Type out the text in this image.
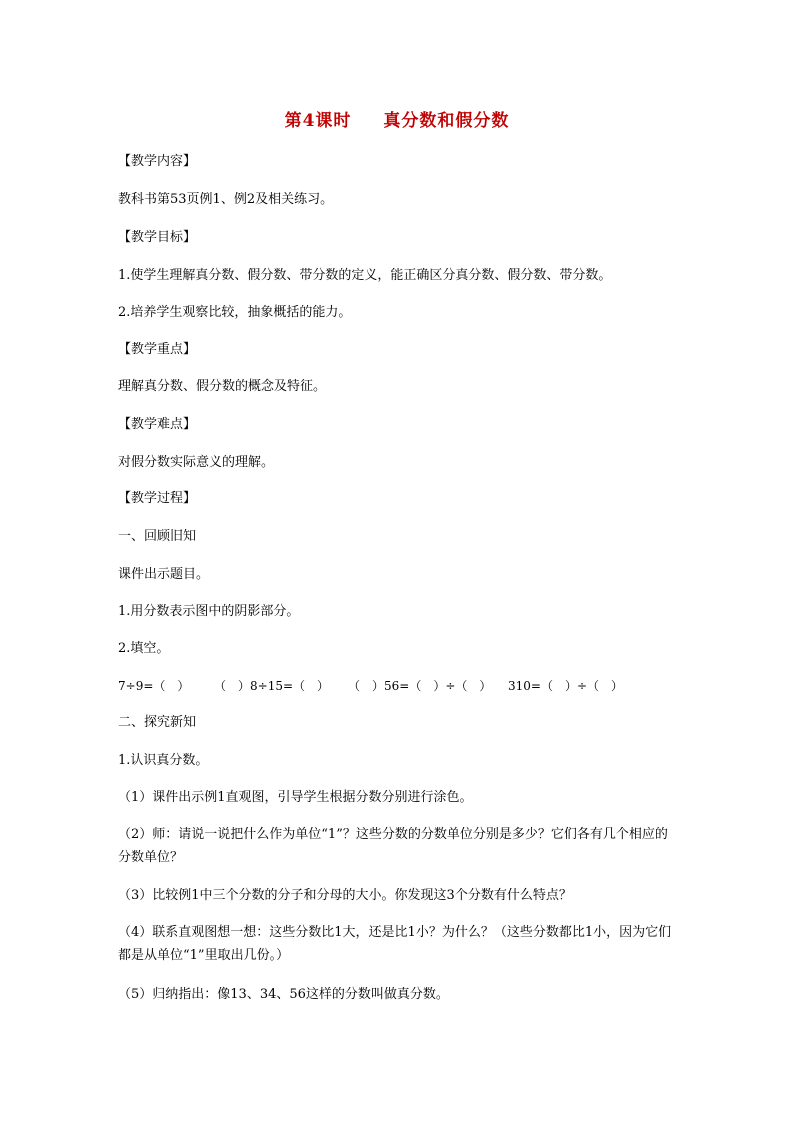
第4课时 真分数和假分数
【教学内容】
教科书第53页例1、例2及相关练习。
【教学目标】
1.使学生理解真分数、假分数、带分数的定义，能正确区分真分数、假分数、带分数。
2.培养学生观察比较，抽象概括的能力。
【教学重点】
理解真分数、假分数的概念及特征。
【教学难点】
对假分数实际意义的理解。
【教学过程】
一、回顾旧知
课件出示题目。
1.用分数表示图中的阴影部分。
2.填空。
7÷9=（　） （　）8÷15=（　） （　）56=（　）÷（　） 310=（　）÷（　）
二、探究新知
1.认识真分数。
（1）课件出示例1直观图，引导学生根据分数分别进行涂色。
（2）师：请说一说把什么作为单位“1”？这些分数的分数单位分别是多少？它们各有几个相应的分数单位？
（3）比较例1中三个分数的分子和分母的大小。你发现这3个分数有什么特点？
（4）联系直观图想一想：这些分数比1大，还是比1小？为什么？（这些分数都比1小，因为它们都是从单位“1”里取出几份。）
（5）归纳指出：像13、34、56这样的分数叫做真分数。
